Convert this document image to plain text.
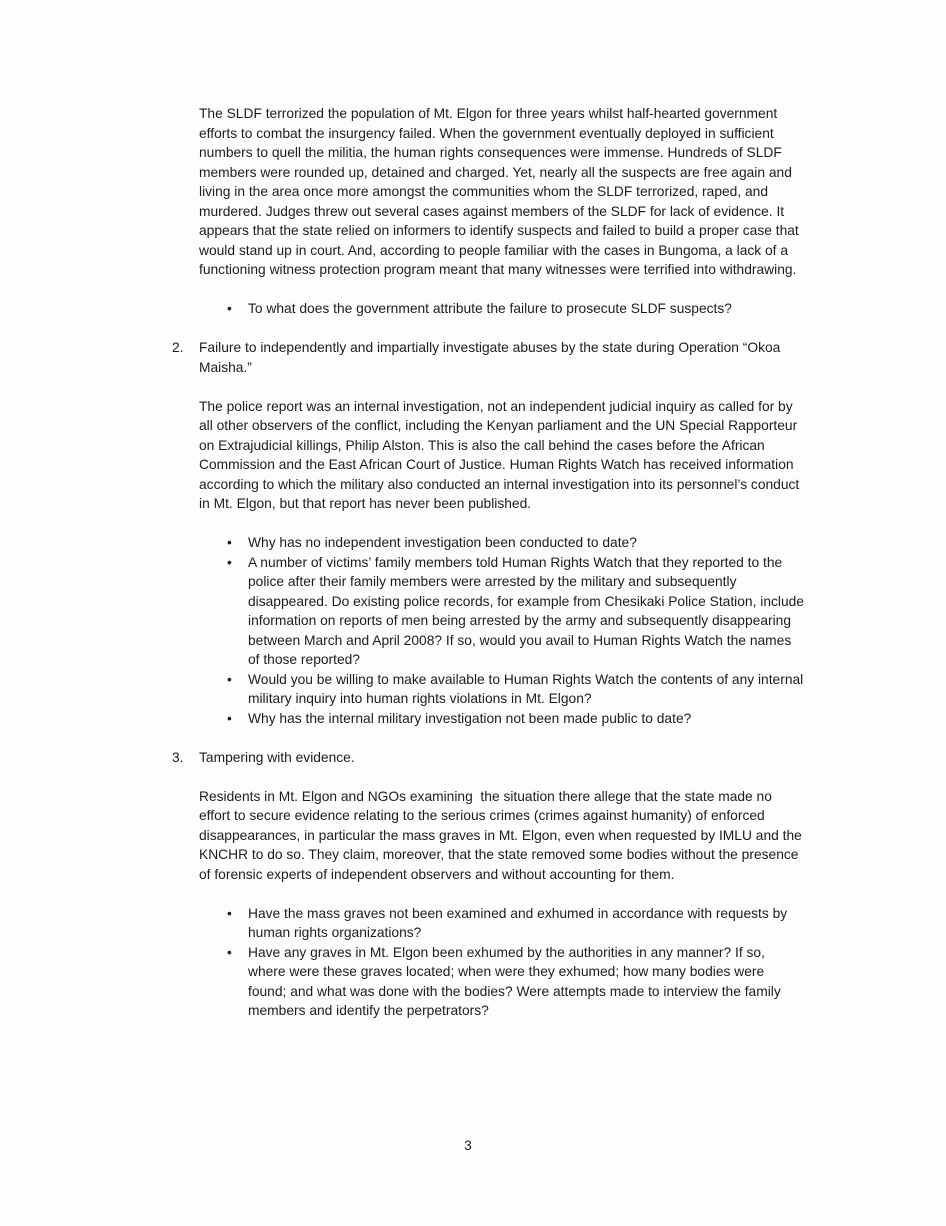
The SLDF terrorized the population of Mt. Elgon for three years whilst half-hearted government efforts to combat the insurgency failed. When the government eventually deployed in sufficient numbers to quell the militia, the human rights consequences were immense. Hundreds of SLDF members were rounded up, detained and charged. Yet, nearly all the suspects are free again and living in the area once more amongst the communities whom the SLDF terrorized, raped, and murdered. Judges threw out several cases against members of the SLDF for lack of evidence. It appears that the state relied on informers to identify suspects and failed to build a proper case that would stand up in court. And, according to people familiar with the cases in Bungoma, a lack of a functioning witness protection program meant that many witnesses were terrified into withdrawing.

• To what does the government attribute the failure to prosecute SLDF suspects?
2.	Failure to independently and impartially investigate abuses by the state during Operation “Okoa Maisha.”

The police report was an internal investigation, not an independent judicial inquiry as called for by all other observers of the conflict, including the Kenyan parliament and the UN Special Rapporteur on Extrajudicial killings, Philip Alston. This is also the call behind the cases before the African Commission and the East African Court of Justice. Human Rights Watch has received information according to which the military also conducted an internal investigation into its personnel’s conduct in Mt. Elgon, but that report has never been published.

• Why has no independent investigation been conducted to date?
• A number of victims’ family members told Human Rights Watch that they reported to the police after their family members were arrested by the military and subsequently disappeared. Do existing police records, for example from Chesikaki Police Station, include information on reports of men being arrested by the army and subsequently disappearing between March and April 2008? If so, would you avail to Human Rights Watch the names of those reported?
• Would you be willing to make available to Human Rights Watch the contents of any internal military inquiry into human rights violations in Mt. Elgon?
• Why has the internal military investigation not been made public to date?
3.	Tampering with evidence.

Residents in Mt. Elgon and NGOs examining  the situation there allege that the state made no effort to secure evidence relating to the serious crimes (crimes against humanity) of enforced disappearances, in particular the mass graves in Mt. Elgon, even when requested by IMLU and the KNCHR to do so. They claim, moreover, that the state removed some bodies without the presence of forensic experts of independent observers and without accounting for them.

• Have the mass graves not been examined and exhumed in accordance with requests by human rights organizations?
• Have any graves in Mt. Elgon been exhumed by the authorities in any manner? If so, where were these graves located; when were they exhumed; how many bodies were found; and what was done with the bodies? Were attempts made to interview the family members and identify the perpetrators?
3
